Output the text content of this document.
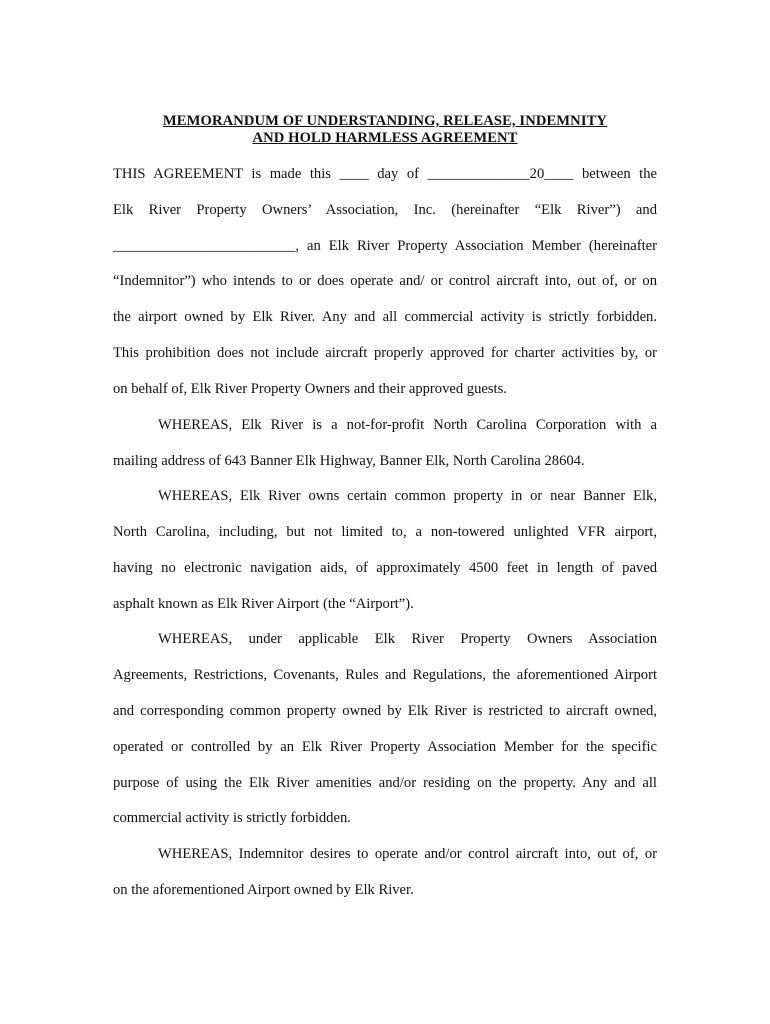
MEMORANDUM OF UNDERSTANDING, RELEASE, INDEMNITY
AND HOLD HARMLESS AGREEMENT
THIS AGREEMENT is made this ____ day of ______________20____ between the
Elk River Property Owners’ Association, Inc. (hereinafter “Elk River”) and
_________________________, an Elk River Property Association Member (hereinafter
“Indemnitor”) who intends to or does operate and/ or control aircraft into, out of, or on
the airport owned by Elk River. Any and all commercial activity is strictly forbidden.
This prohibition does not include aircraft properly approved for charter activities by, or
on behalf of, Elk River Property Owners and their approved guests.
WHEREAS, Elk River is a not-for-profit North Carolina Corporation with a
mailing address of 643 Banner Elk Highway, Banner Elk, North Carolina 28604.
WHEREAS, Elk River owns certain common property in or near Banner Elk,
North Carolina, including, but not limited to, a non-towered unlighted VFR airport,
having no electronic navigation aids, of approximately 4500 feet in length of paved
asphalt known as Elk River Airport (the “Airport”).
WHEREAS, under applicable Elk River Property Owners Association
Agreements, Restrictions, Covenants, Rules and Regulations, the aforementioned Airport
and corresponding common property owned by Elk River is restricted to aircraft owned,
operated or controlled by an Elk River Property Association Member for the specific
purpose of using the Elk River amenities and/or residing on the property. Any and all
commercial activity is strictly forbidden.
WHEREAS, Indemnitor desires to operate and/or control aircraft into, out of, or
on the aforementioned Airport owned by Elk River.
